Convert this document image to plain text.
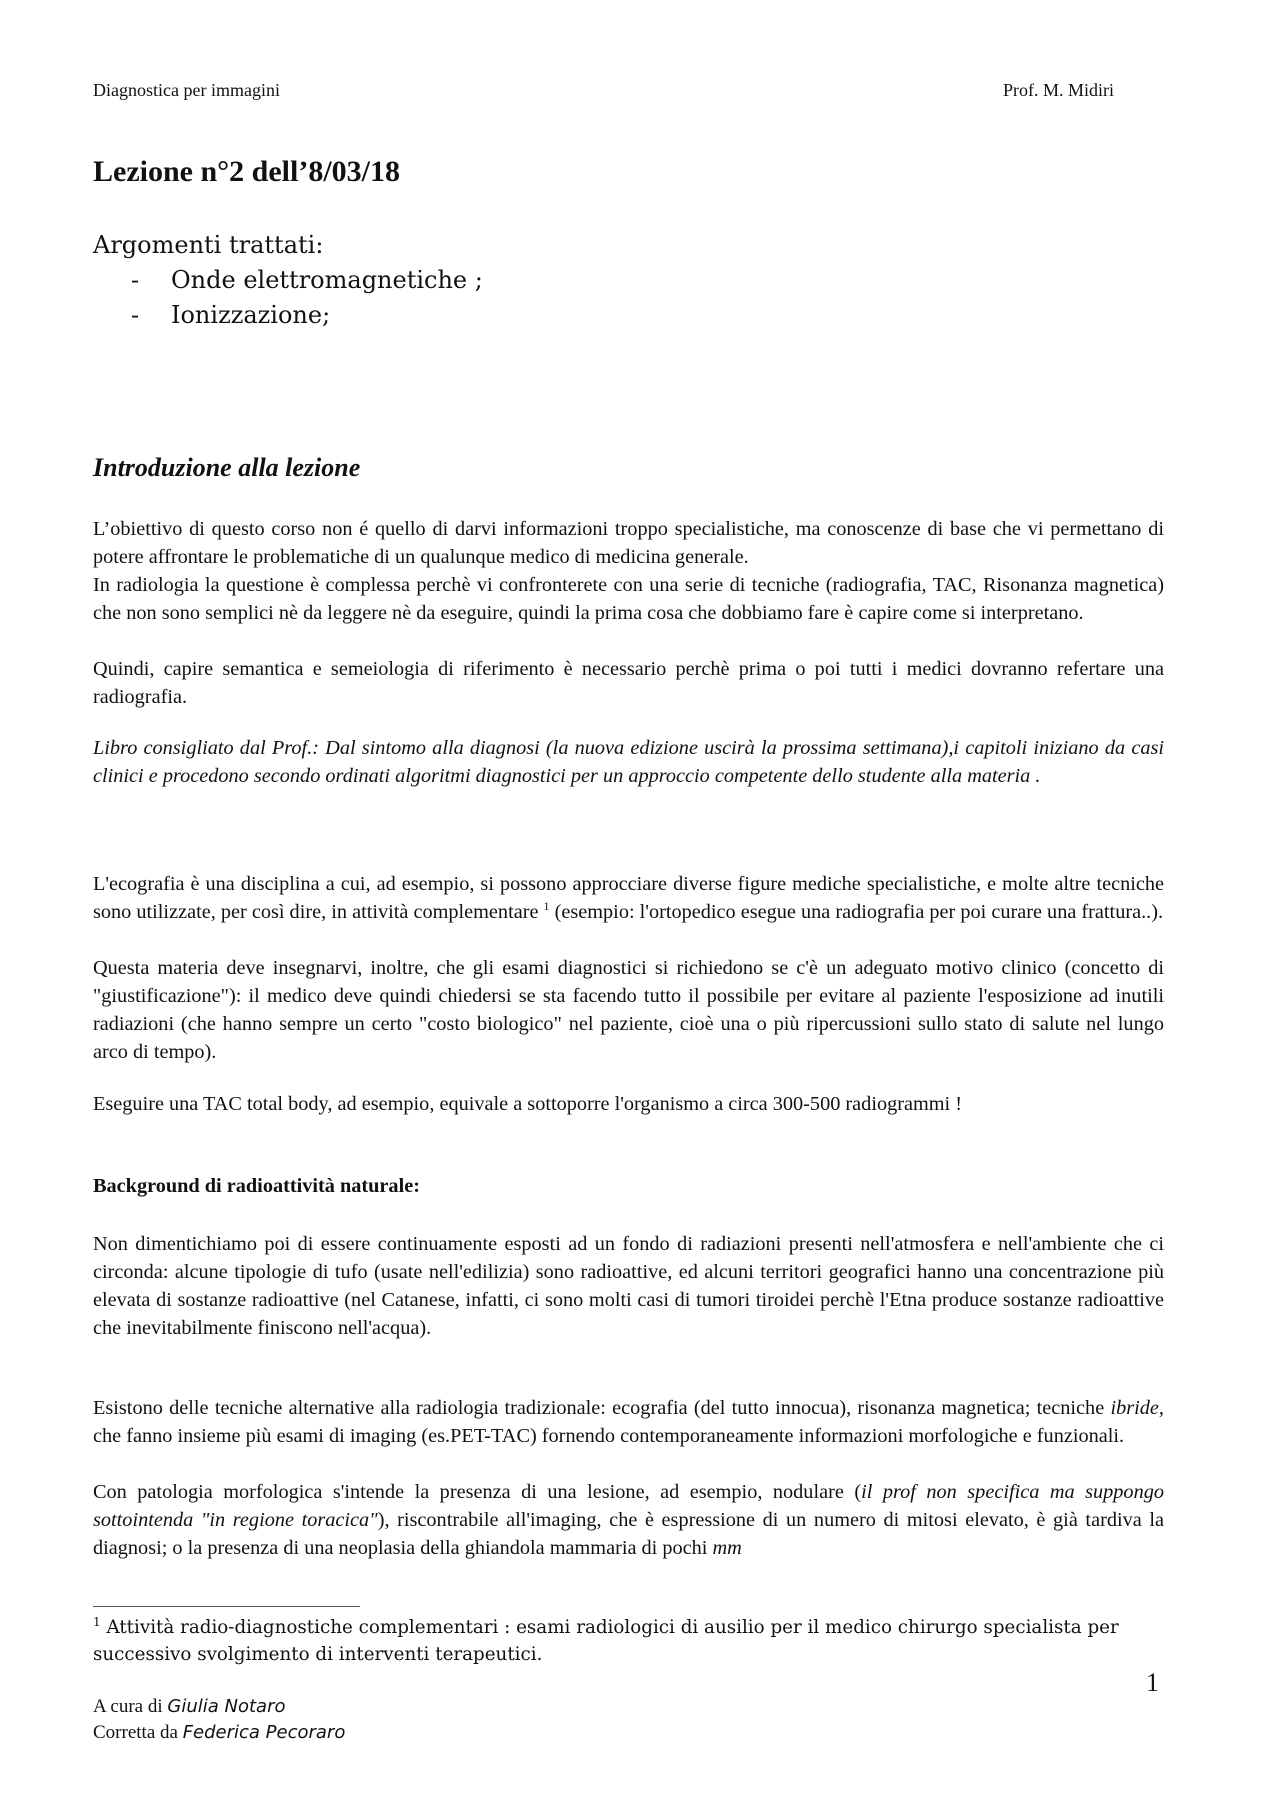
Diagnostica per immagini	Prof. M. Midiri
Lezione n°2 dell’8/03/18
Argomenti trattati:
- Onde elettromagnetiche ;
- Ionizzazione;
Introduzione alla lezione

L’obiettivo di questo corso non é quello di darvi informazioni troppo specialistiche, ma conoscenze di base che vi permettano di potere affrontare le problematiche di un qualunque medico di medicina generale.

In radiologia la questione è complessa perchè vi confronterete con una serie di tecniche (radiografia, TAC, Risonanza magnetica) che non sono semplici nè da leggere nè da eseguire, quindi la prima cosa che dobbiamo fare è capire come si interpretano.

Quindi, capire semantica e semeiologia di riferimento è necessario perchè prima o poi tutti i medici dovranno refertare una radiografia.

Libro consigliato dal Prof.: Dal sintomo alla diagnosi (la nuova edizione uscirà la prossima settimana),i capitoli iniziano da casi clinici e procedono secondo ordinati algoritmi diagnostici per un approccio competente dello studente alla materia .

L'ecografia è una disciplina a cui, ad esempio, si possono approcciare diverse figure mediche specialistiche, e molte altre tecniche sono utilizzate, per così dire, in attività complementare $^1$ (esempio: l'ortopedico esegue una radiografia per poi curare una frattura..).

Questa materia deve insegnarvi, inoltre, che gli esami diagnostici si richiedono se c'è un adeguato motivo clinico (concetto di "giustificazione"): il medico deve quindi chiedersi se sta facendo tutto il possibile per evitare al paziente l'esposizione ad inutili radiazioni (che hanno sempre un certo "costo biologico" nel paziente, cioè una o più ripercussioni sullo stato di salute nel lungo arco di tempo).

Eseguire una TAC total body, ad esempio, equivale a sottoporre l'organismo a circa 300-500 radiogrammi !

Background di radioattività naturale:

Non dimentichiamo poi di essere continuamente esposti ad un fondo di radiazioni presenti nell'atmosfera e nell'ambiente che ci circonda: alcune tipologie di tufo (usate nell'edilizia) sono radioattive, ed alcuni territori geografici hanno una concentrazione più elevata di sostanze radioattive (nel Catanese, infatti, ci sono molti casi di tumori tiroidei perchè l'Etna produce sostanze radioattive che inevitabilmente finiscono nell'acqua).

Esistono delle tecniche alternative alla radiologia tradizionale: ecografia (del tutto innocua), risonanza magnetica; tecniche ibride, che fanno insieme più esami di imaging (es.PET-TAC) fornendo contemporaneamente informazioni morfologiche e funzionali.

Con patologia morfologica s'intende la presenza di una lesione, ad esempio, nodulare (il prof non specifica ma suppongo sottointenda "in regione toracica"), riscontrabile all'imaging, che è espressione di un numero di mitosi elevato, è già tardiva la diagnosi; o la presenza di una neoplasia della ghiandola mammaria di pochi mm

$^1$ Attività radio-diagnostiche complementari : esami radiologici di ausilio per il medico chirurgo specialista per successivo svolgimento di interventi terapeutici.

1
A cura di Giulia Notaro
Corretta da Federica Pecoraro
